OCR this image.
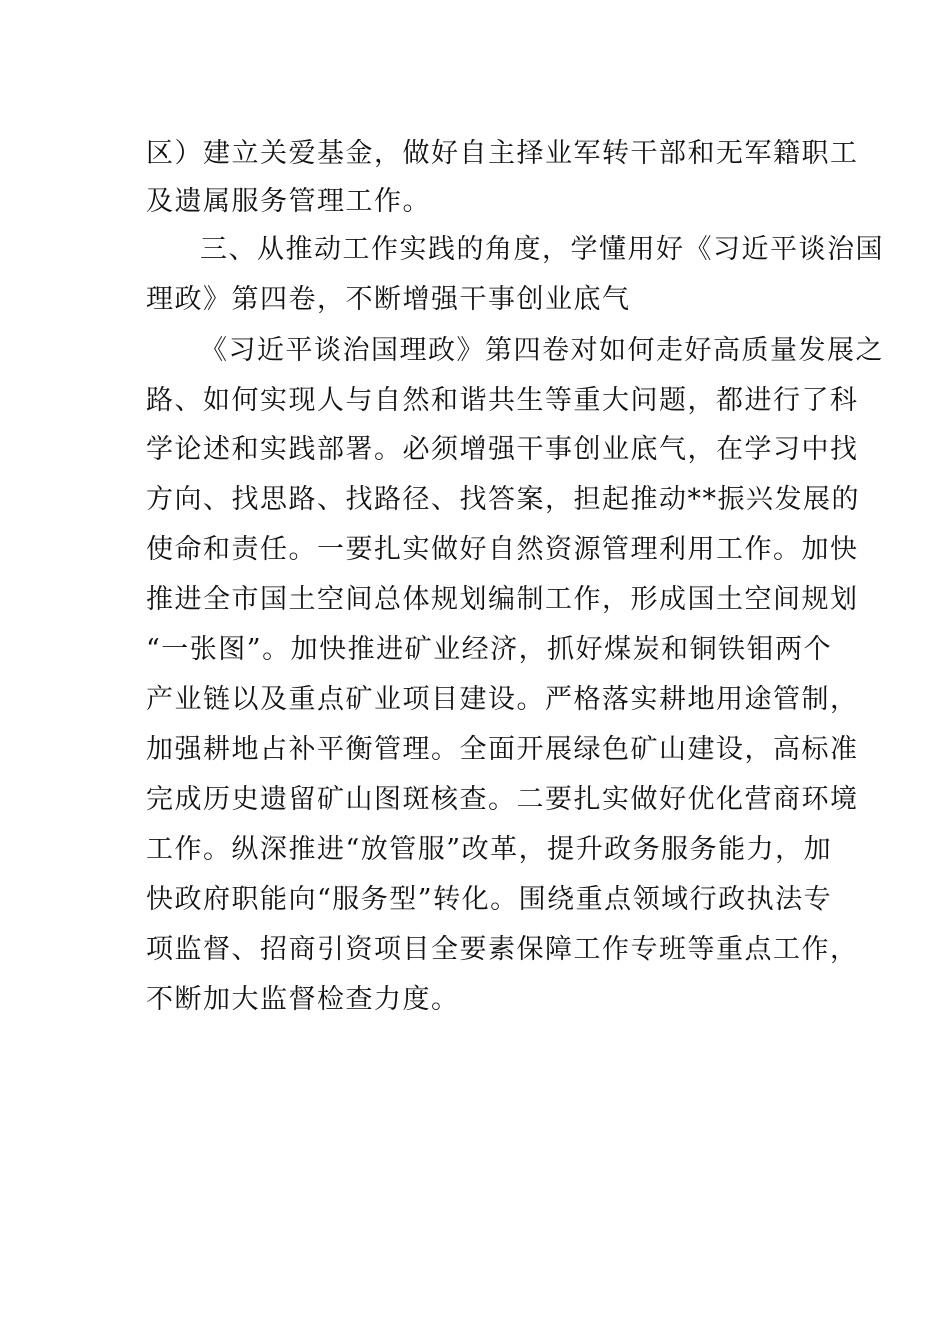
区）建立关爱基金，做好自主择业军转干部和无军籍职工
及遗属服务管理工作。
三、从推动工作实践的角度，学懂用好《习近平谈治国
理政》第四卷，不断增强干事创业底气
《习近平谈治国理政》第四卷对如何走好高质量发展之
路、如何实现人与自然和谐共生等重大问题，都进行了科
学论述和实践部署。必须增强干事创业底气，在学习中找
方向、找思路、找路径、找答案，担起推动**振兴发展的
使命和责任。一要扎实做好自然资源管理利用工作。加快
推进全市国土空间总体规划编制工作，形成国土空间规划
“一张图”。加快推进矿业经济，抓好煤炭和铜铁钼两个
产业链以及重点矿业项目建设。严格落实耕地用途管制，
加强耕地占补平衡管理。全面开展绿色矿山建设，高标准
完成历史遗留矿山图斑核查。二要扎实做好优化营商环境
工作。纵深推进“放管服”改革，提升政务服务能力，加
快政府职能向“服务型”转化。围绕重点领域行政执法专
项监督、招商引资项目全要素保障工作专班等重点工作，
不断加大监督检查力度。
